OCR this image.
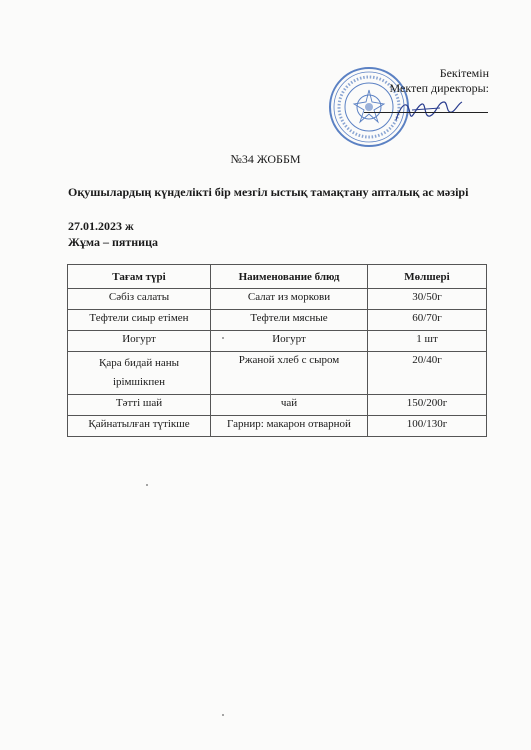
Бекітемін

Мектеп директоры:
№34 ЖОББМ
Оқушылардың күнделікті бір мезгіл ыстық тамақтану апталық ас мәзірі
27.01.2023 ж
Жұма – пятница
Тағам түрі	Наименование блюд	Мөлшері
Сәбіз салаты	Салат из моркови	30/50г
Тефтели сиыр етімен	Тефтели мясные	60/70г
Иогурт	Иогурт	1 шт
Қара бидай наны ірімшікпен	Ржаной хлеб с сыром	20/40г
Тәтті шай	чай	150/200г
Қайнатылған түтікше	Гарнир: макарон отварной	100/130г
